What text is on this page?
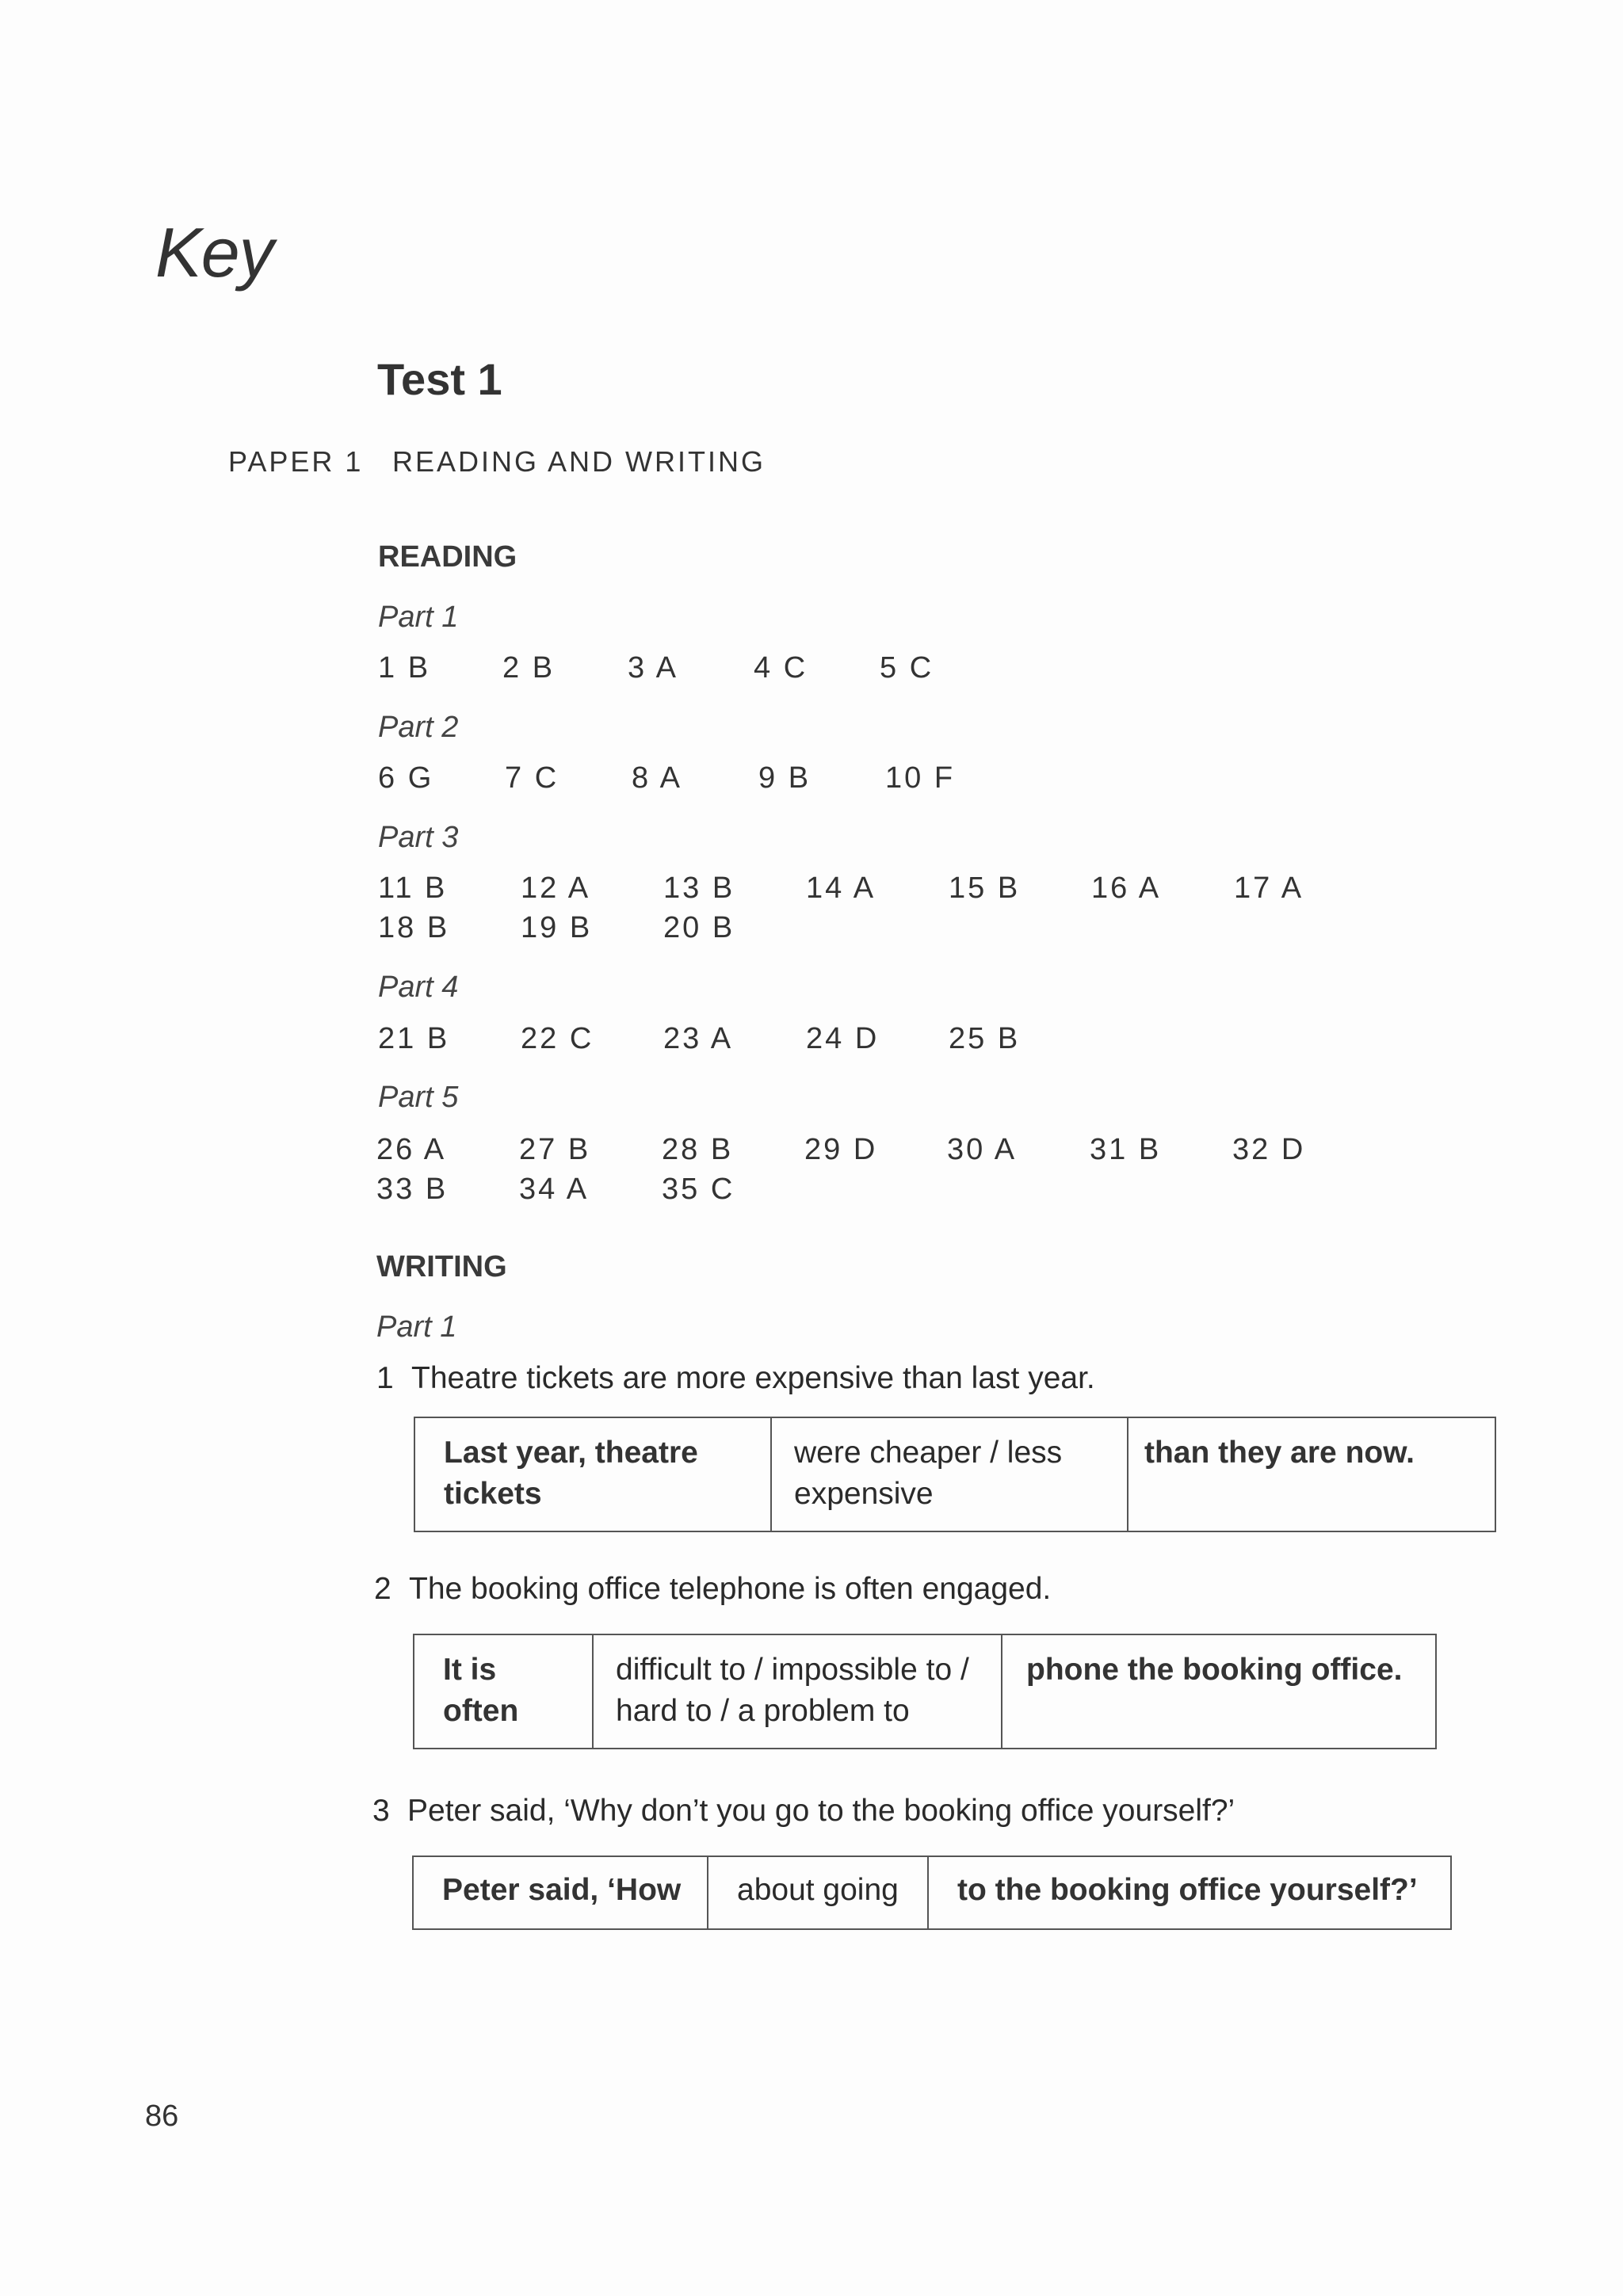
Key
Test 1
PAPER 1 READING AND WRITING
READING
Part 1
1 B 2 B 3 A	4 C 5 C
Part 2
6 G 7 C 8 A	9 B 10 F
Part 3
11 B 12 A 13 B 14 A 15 B 16 A 17 A
18 B 19 B 20 B
Part 4
21 B 22 C 23 A 24 D 25 B
Part 5
26 A 27 B 28 B 29 D 30 A 31 B 32 D
33 B 34 A 35 C
WRITING
Part 1
1 Theatre tickets are more expensive than last year.
Last year, theatre tickets	were cheaper / less expensive	than they are now.
2 The booking office telephone is often engaged.
It is often	difficult to / impossible to / hard to / a problem to	phone the booking office.
3 Peter said, ‘Why don’t you go to the booking office yourself?’
Peter said, ‘How	about going	to the booking office yourself?’
86
